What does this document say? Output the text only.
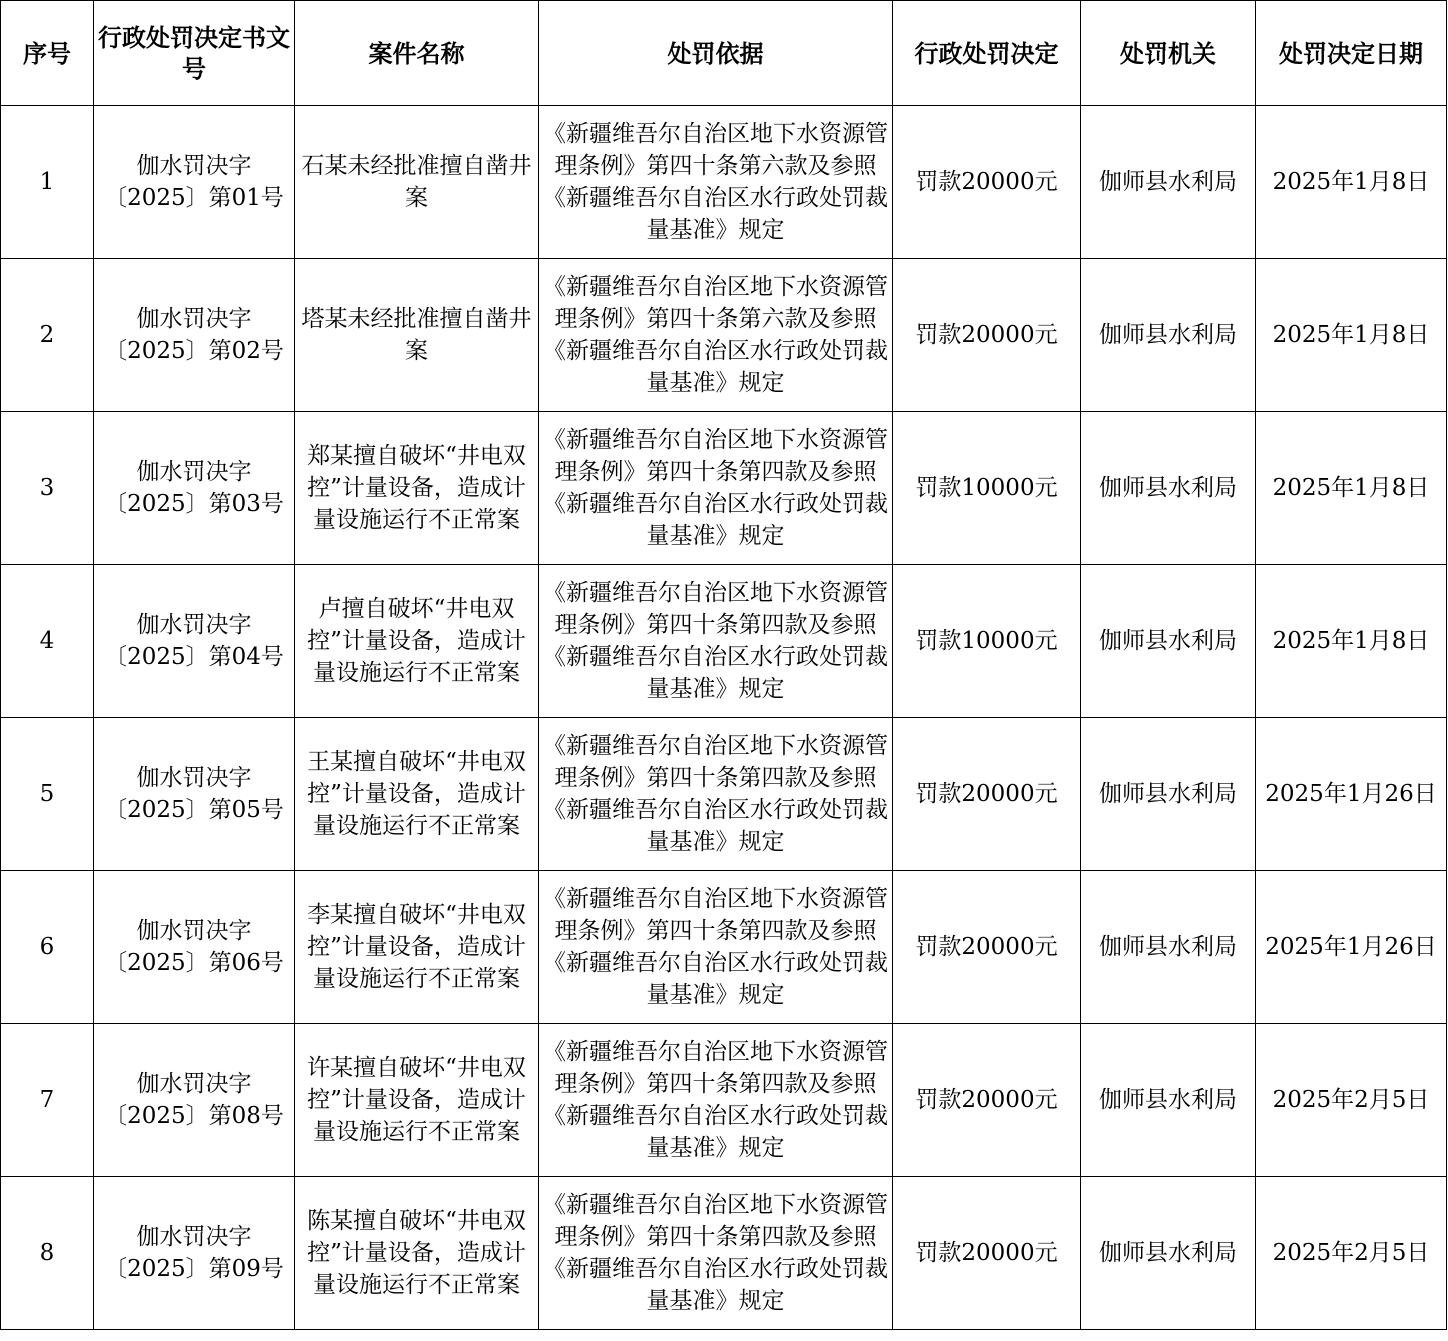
序号	行政处罚决定书文号	案件名称	处罚依据	行政处罚决定	处罚机关	处罚决定日期
1	伽水罚决字〔2025〕第01号	石某未经批准擅自凿井案	《新疆维吾尔自治区地下水资源管理条例》第四十条第六款及参照《新疆维吾尔自治区水行政处罚裁量基准》规定	罚款20000元	伽师县水利局	2025年1月8日
2	伽水罚决字〔2025〕第02号	塔某未经批准擅自凿井案	《新疆维吾尔自治区地下水资源管理条例》第四十条第六款及参照《新疆维吾尔自治区水行政处罚裁量基准》规定	罚款20000元	伽师县水利局	2025年1月8日
3	伽水罚决字〔2025〕第03号	郑某擅自破坏“井电双控”计量设备，造成计量设施运行不正常案	《新疆维吾尔自治区地下水资源管理条例》第四十条第四款及参照《新疆维吾尔自治区水行政处罚裁量基准》规定	罚款10000元	伽师县水利局	2025年1月8日
4	伽水罚决字〔2025〕第04号	卢擅自破坏“井电双控”计量设备，造成计量设施运行不正常案	《新疆维吾尔自治区地下水资源管理条例》第四十条第四款及参照《新疆维吾尔自治区水行政处罚裁量基准》规定	罚款10000元	伽师县水利局	2025年1月8日
5	伽水罚决字〔2025〕第05号	王某擅自破坏“井电双控”计量设备，造成计量设施运行不正常案	《新疆维吾尔自治区地下水资源管理条例》第四十条第四款及参照《新疆维吾尔自治区水行政处罚裁量基准》规定	罚款20000元	伽师县水利局	2025年1月26日
6	伽水罚决字〔2025〕第06号	李某擅自破坏“井电双控”计量设备，造成计量设施运行不正常案	《新疆维吾尔自治区地下水资源管理条例》第四十条第四款及参照《新疆维吾尔自治区水行政处罚裁量基准》规定	罚款20000元	伽师县水利局	2025年1月26日
7	伽水罚决字〔2025〕第08号	许某擅自破坏“井电双控”计量设备，造成计量设施运行不正常案	《新疆维吾尔自治区地下水资源管理条例》第四十条第四款及参照《新疆维吾尔自治区水行政处罚裁量基准》规定	罚款20000元	伽师县水利局	2025年2月5日
8	伽水罚决字〔2025〕第09号	陈某擅自破坏“井电双控”计量设备，造成计量设施运行不正常案	《新疆维吾尔自治区地下水资源管理条例》第四十条第四款及参照《新疆维吾尔自治区水行政处罚裁量基准》规定	罚款20000元	伽师县水利局	2025年2月5日
